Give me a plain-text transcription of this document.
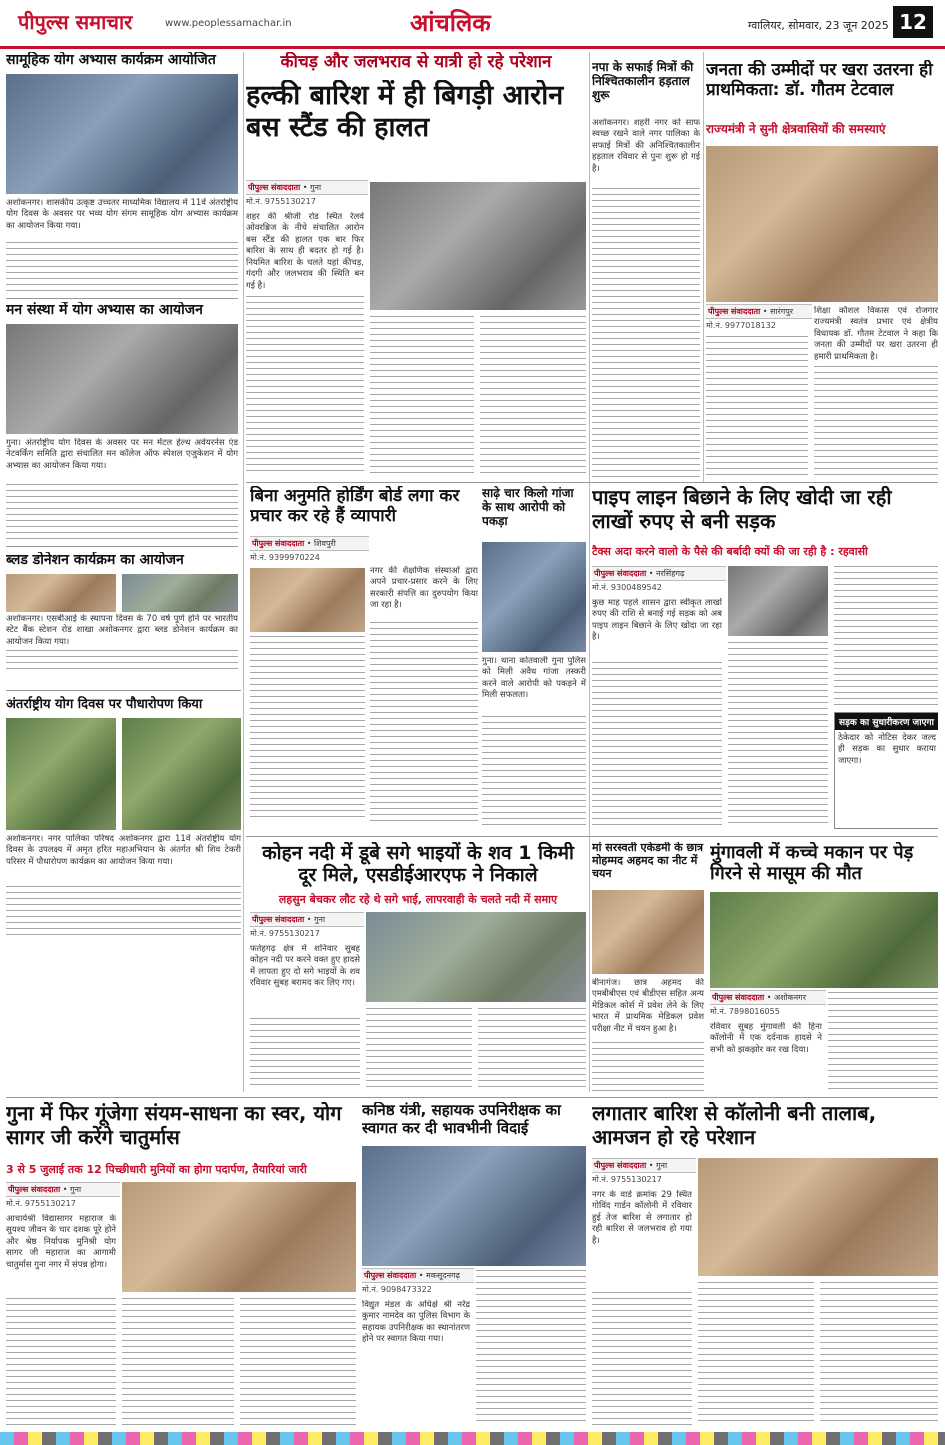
पीपुल्स समाचार	www.peoplessamachar.in	आंचलिक	ग्वालियर, सोमवार, 23 जून 2025 12
सामूहिक योग अभ्यास कार्यक्रम आयोजित
अशोकनगर। शासकीय उत्कृष्ट उच्चतर माध्यमिक विद्यालय में 11वें अंतर्राष्ट्रीय योग दिवस के अवसर पर भव्य योग संगम सामूहिक योग अभ्यास कार्यक्रम का आयोजन किया गया।
मन संस्था में योग अभ्यास का आयोजन
गुना। अंतर्राष्ट्रीय योग दिवस के अवसर पर मन मेंटल हेल्थ अवेयरनेस एंड नेटवर्किंग समिति द्वारा संचालित मन कॉलेज ऑफ स्पेशल एजुकेशन में योग अभ्यास का आयोजन किया गया।
ब्लड डोनेशन कार्यक्रम का आयोजन
अशोकनगर। एसबीआई के स्थापना दिवस के 70 वर्ष पूर्ण होने पर भारतीय स्टेट बैंक स्टेशन रोड शाखा अशोकनगर द्वारा ब्लड डोनेशन कार्यक्रम का आयोजन किया गया।
अंतर्राष्ट्रीय योग दिवस पर पौधारोपण किया
अशोकनगर। नगर पालिका परिषद अशोकनगर द्वारा 11वें अंतर्राष्ट्रीय योग दिवस के उपलक्ष्य में अमृत हरित महाअभियान के अंतर्गत श्री शिव टेकरी परिसर में पौधारोपण कार्यक्रम का आयोजन किया गया।
कीचड़ और जलभराव से यात्री हो रहे परेशान
हल्की बारिश में ही बिगड़ी आरोन बस स्टैंड की हालत
पीपुल्स संवाददाता • गुना
मो.नं. 9755130217
शहर की श्रीजी रोड स्थित रेलवे ओवरब्रिज के नीचे संचालित आरोन बस स्टैंड की हालत एक बार फिर बारिश के साथ ही बदतर हो गई है। नियमित बारिश के चलते यहां कीचड़, गंदगी और जलभराव की स्थिति बन गई है।
नपा के सफाई मित्रों की निश्चितकालीन हड़ताल शुरू
अशोकनगर। शहरी नगर को साफ स्वच्छ रखने वाले नगर पालिका के सफाई मित्रों की अनिश्चितकालीन हड़ताल रविवार से पुनः शुरू हो गई है।
जनता की उम्मीदों पर खरा उतरना ही प्राथमिकता: डॉ. गौतम टेटवाल
राज्यमंत्री ने सुनी क्षेत्रवासियों की समस्याएं
पीपुल्स संवाददाता • सारंगपुर
मो.नं. 9977018132
शिक्षा कौशल विकास एवं रोजगार राज्यमंत्री स्वतंत्र प्रभार एवं क्षेत्रीय विधायक डॉ. गौतम टेटवाल ने कहा कि जनता की उम्मीदों पर खरा उतरना ही हमारी प्राथमिकता है।
बिना अनुमति होर्डिंग बोर्ड लगा कर प्रचार कर रहे हैं व्यापारी
पीपुल्स संवाददाता • शिवपुरी
मो.नं. 9399970224
नगर की शैक्षणिक संस्थाओं द्वारा अपने प्रचार-प्रसार करने के लिए सरकारी संपत्ति का दुरुपयोग किया जा रहा है।
साढ़े चार किलो गांजा के साथ आरोपी को पकड़ा
गुना। थाना कोतवाली गुना पुलिस को मिली अवैध गांजा तस्करी करने वाले आरोपी को पकड़ने में मिली सफलता।
पाइप लाइन बिछाने के लिए खोदी जा रही लाखों रुपए से बनी सड़क
टैक्स अदा करने वालो के पैसे की बर्बादी क्यों की जा रही है : रहवासी
पीपुल्स संवाददाता • नरसिंहगढ़
मो.नं. 9300489542
कुछ माह पहले शासन द्वारा स्वीकृत लाखों रुपए की राशि से बनाई गई सड़क को अब पाइप लाइन बिछाने के लिए खोदा जा रहा है।
सड़क का सुधारीकरण जाएगा
ठेकेदार को नोटिस देकर जल्द ही सड़क का सुधार कराया जाएगा।
कोहन नदी में डूबे सगे भाइयों के शव 1 किमी दूर मिले, एसडीईआरएफ ने निकाले
लहसुन बेचकर लौट रहे थे सगे भाई, लापरवाही के चलते नदी में समाए
पीपुल्स संवाददाता • गुना
मो.नं. 9755130217
फतेहगढ़ क्षेत्र में शनिवार सुबह कोहन नदी पर करने वक्त हुए हादसे में लापता हुए दो सगे भाइयों के शव रविवार सुबह बरामद कर लिए गए।
मां सरस्वती एकेडमी के छात्र मोहम्मद अहमद का नीट में चयन
बीनागंज। छात्र अहमद की एमबीबीएस एवं बीडीएस सहित अन्य मेडिकल कोर्स में प्रवेश लेने के लिए भारत में प्राथमिक मेडिकल प्रवेश परीक्षा नीट में चयन हुआ है।
मुंगावली में कच्चे मकान पर पेड़ गिरने से मासूम की मौत
पीपुल्स संवाददाता • अशोकनगर
मो.नं. 7898016055
रविवार सुबह मुंगावली की हिना कॉलोनी में एक दर्दनाक हादसे ने सभी को झकझोर कर रख दिया।
गुना में फिर गूंजेगा संयम-साधना का स्वर, योग सागर जी करेंगे चातुर्मास
3 से 5 जुलाई तक 12 पिच्छीधारी मुनियों का होगा पदार्पण, तैयारियां जारी
पीपुल्स संवाददाता • गुना
मो.नं. 9755130217
आचार्यश्री विद्यासागर महाराज के सुयश्य जीवन के चार दशक पूरे होने और श्रेष्ठ निर्यापक मुनिश्री योग सागर जी महाराज का आगामी चातुर्मास गुना नगर में संपन्न होगा।
कनिष्ठ यंत्री, सहायक उपनिरीक्षक का स्वागत कर दी भावभीनी विदाई
पीपुल्स संवाददाता • मकसूदनगढ़
मो.नं. 9098473322
विद्युत मंडल के अधिक्षे श्री नरेंद्र कुमार नामदेव का पुलिस विभाग के सहायक उपनिरीक्षक का स्थानांतरण होने पर स्वागत किया गया।
लगातार बारिश से कॉलोनी बनी तालाब, आमजन हो रहे परेशान
पीपुल्स संवाददाता • गुना
मो.नं. 9755130217
नगर के वार्ड क्रमांक 29 स्थित गोविंद गार्डन कॉलोनी में रविवार हुई तेज बारिश से लगातार हो रही बारिश से जलभराव हो गया है।
